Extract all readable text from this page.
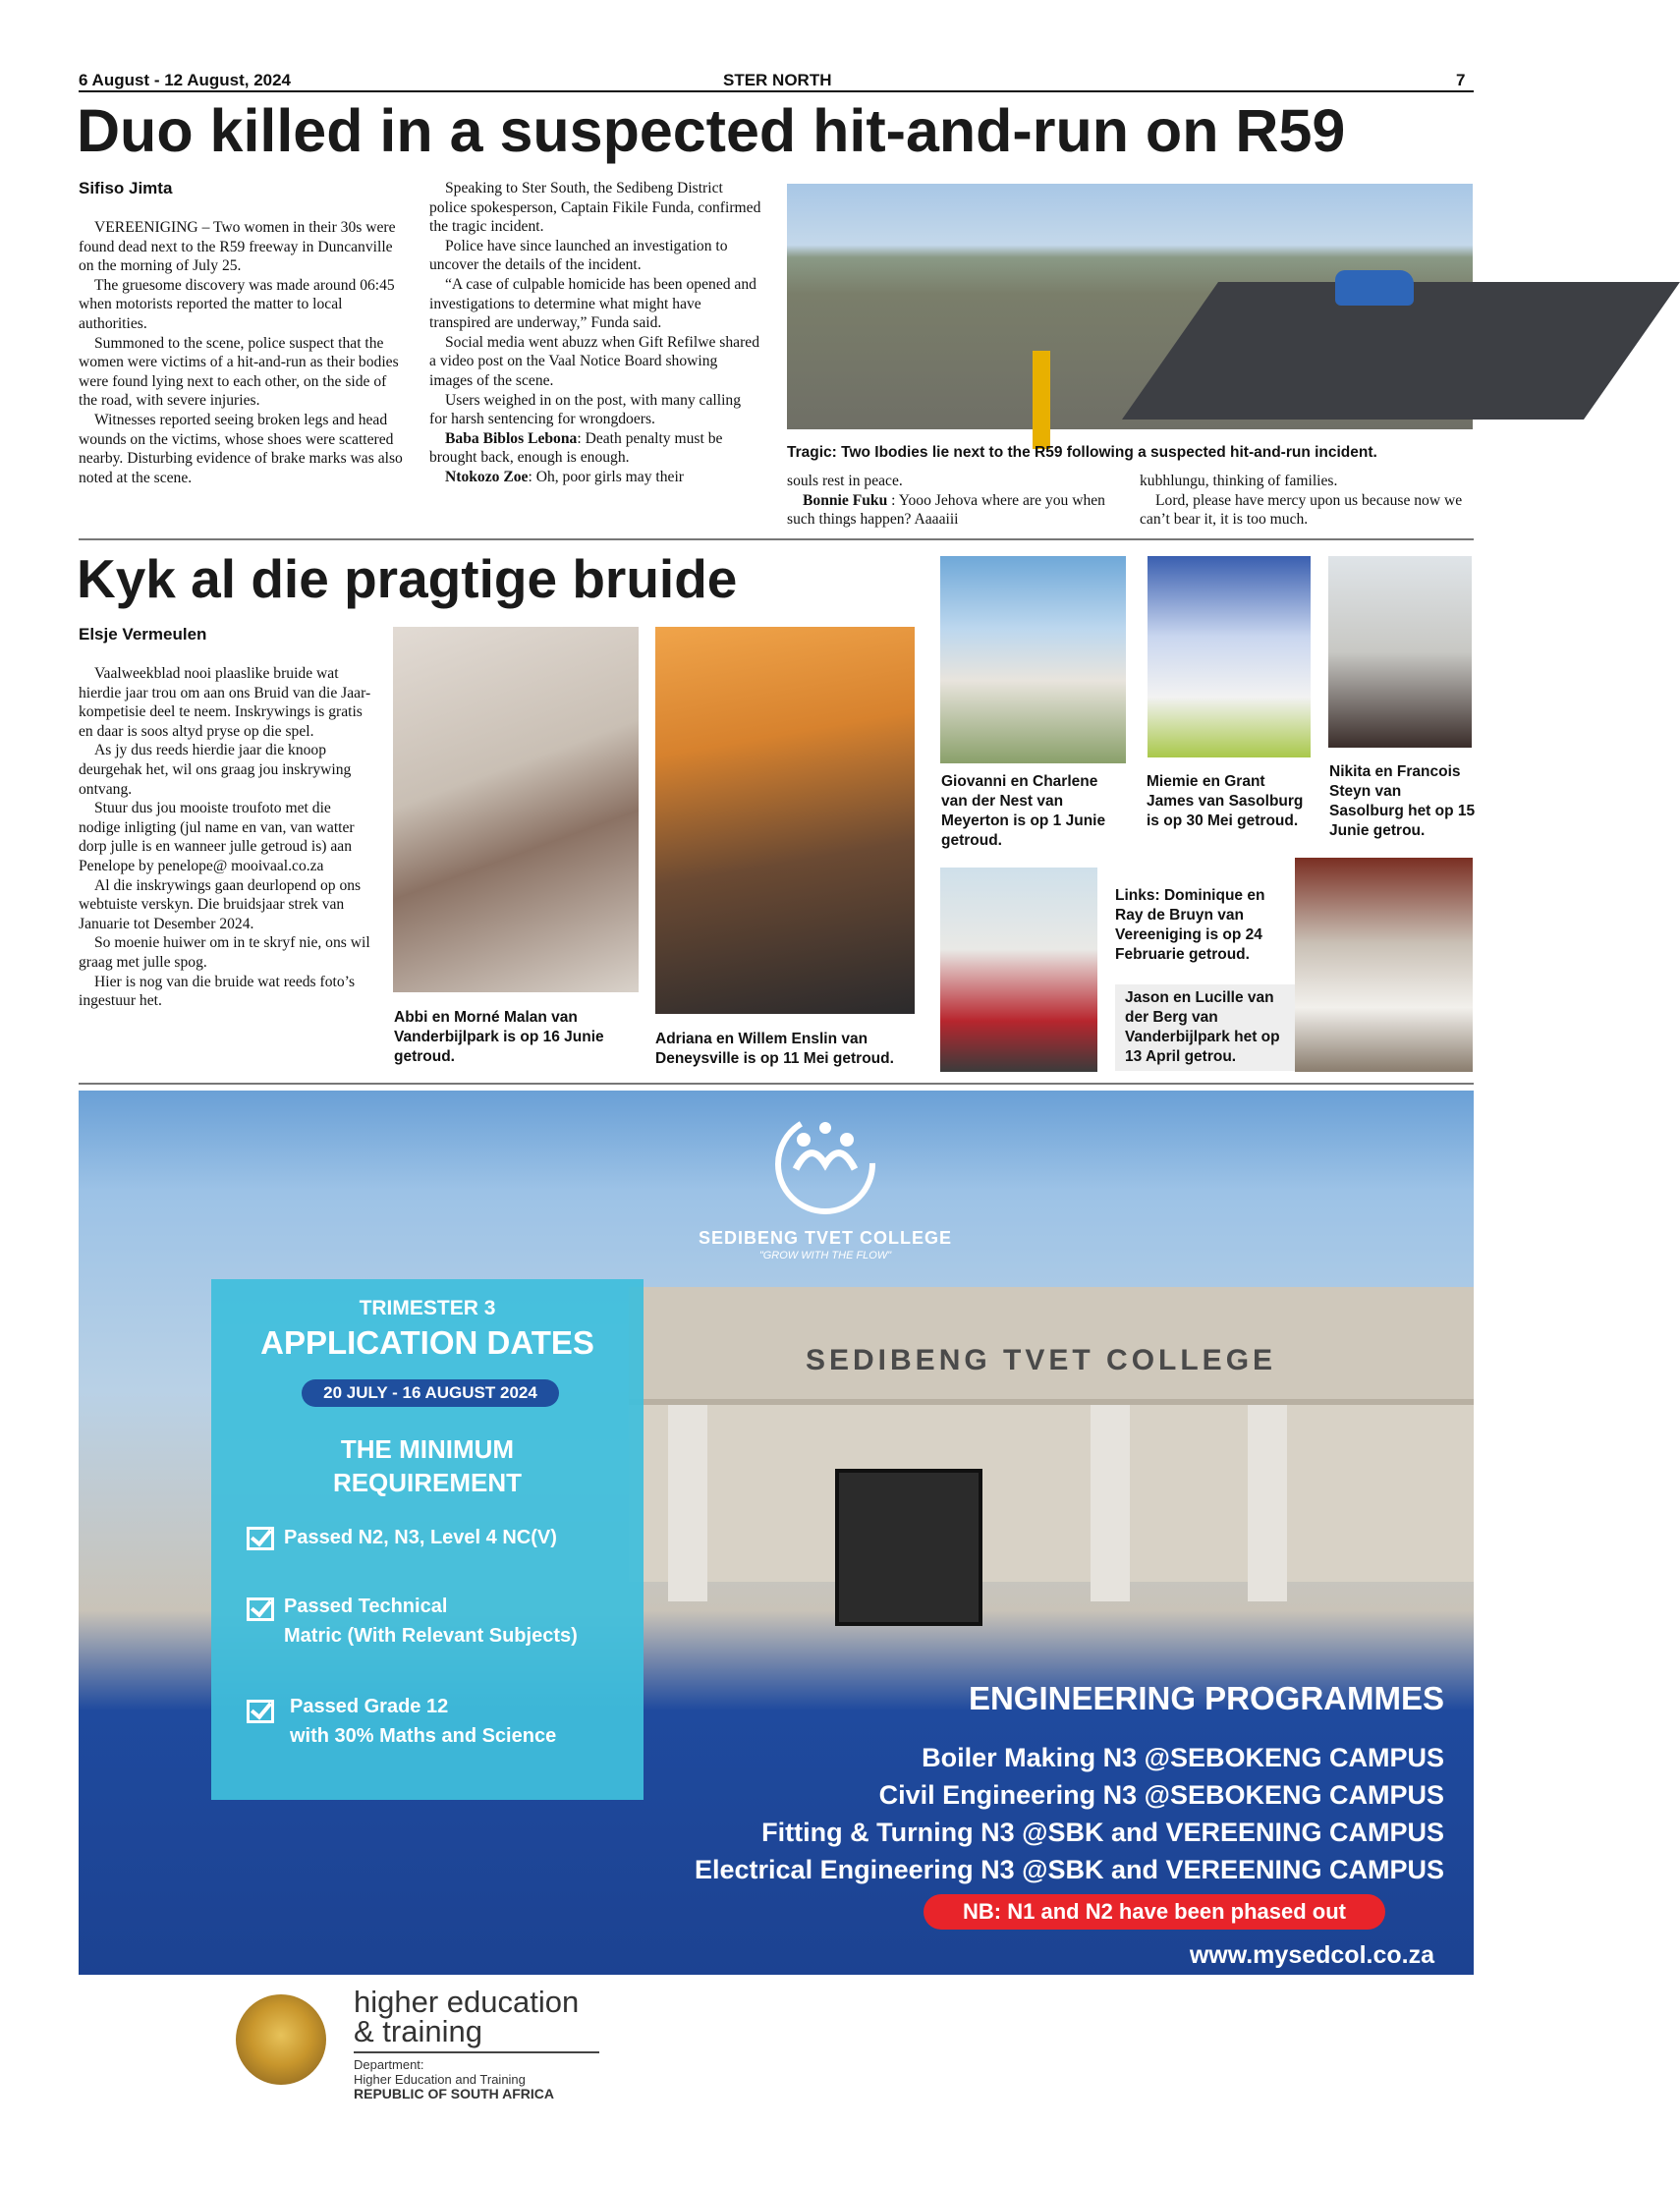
6 August - 12 August, 2024	STER NORTH	7
Duo killed in a suspected hit-and-run on R59
Sifiso Jimta

VEREENIGING – Two women in their 30s were found dead next to the R59 freeway in Duncanville on the morning of July 25.

The gruesome discovery was made around 06:45 when motorists reported the matter to local authorities.

Summoned to the scene, police suspect that the women were victims of a hit-and-run as their bodies were found lying next to each other, on the side of the road, with severe injuries.

Witnesses reported seeing broken legs and head wounds on the victims, whose shoes were scattered nearby. Disturbing evidence of brake marks was also noted at the scene.

Speaking to Ster South, the Sedibeng District police spokesperson, Captain Fikile Funda, confirmed the tragic incident.

Police have since launched an investigation to uncover the details of the incident.

“A case of culpable homicide has been opened and investigations to determine what might have transpired are underway,” Funda said.

Social media went abuzz when Gift Refilwe shared a video post on the Vaal Notice Board showing images of the scene.

Users weighed in on the post, with many calling for harsh sentencing for wrongdoers.

Baba Biblos Lebona: Death penalty must be brought back, enough is enough.

Ntokozo Zoe: Oh, poor girls may their

Tragic: Two Ibodies lie next to the R59 following a suspected hit-and-run incident.

souls rest in peace.

Bonnie Fuku : Yooo Jehova where are you when such things happen? Aaaaiii

kubhlungu, thinking of families.

Lord, please have mercy upon us because now we can’t bear it, it is too much.

Kyk al die pragtige bruide
Elsje Vermeulen

Vaalweekblad nooi plaaslike bruide wat hierdie jaar trou om aan ons Bruid van die Jaar-kompetisie deel te neem. Inskrywings is gratis en daar is soos altyd pryse op die spel.

As jy dus reeds hierdie jaar die knoop deurgehak het, wil ons graag jou inskrywing ontvang.

Stuur dus jou mooiste troufoto met die nodige inligting (jul name en van, van watter dorp julle is en wanneer julle getroud is) aan Penelope by penelope@ mooivaal.co.za

Al die inskrywings gaan deurlopend op ons webtuiste verskyn. Die bruidsjaar strek van Januarie tot Desember 2024.

So moenie huiwer om in te skryf nie, ons wil graag met julle spog.

Hier is nog van die bruide wat reeds foto’s ingestuur het.

Abbi en Morné Malan van Vanderbijlpark is op 16 Junie getroud.
Adriana en Willem Enslin van Deneysville is op 11 Mei getroud.
Giovanni en Charlene van der Nest van Meyerton is op 1 Junie getroud.
Miemie en Grant James van Sasolburg is op 30 Mei getroud.
Nikita en Francois Steyn van Sasolburg het op 15 Junie getrou.
Links: Dominique en Ray de Bruyn van Vereeniging is op 24 Februarie getroud.
Jason en Lucille van der Berg van Vanderbijlpark het op 13 April getrou.
SEDIBENG TVET COLLEGE
SEDIBENG TVET COLLEGE
"GROW WITH THE FLOW"
TRIMESTER 3
APPLICATION DATES
20 JULY - 16 AUGUST 2024
THE MINIMUM REQUIREMENT
Passed N2, N3, Level 4 NC(V)
Passed Technical
Matric (With Relevant Subjects)
Passed Grade 12
with 30% Maths and Science
ENGINEERING PROGRAMMES
Boiler Making N3 @SEBOKENG CAMPUS
Civil Engineering N3 @SEBOKENG CAMPUS
Fitting & Turning N3 @SBK and VEREENING CAMPUS
Electrical Engineering N3 @SBK and VEREENING CAMPUS
NB: N1 and N2 have been phased out
www.mysedcol.co.za
higher education
& training
Department:
Higher Education and Training
REPUBLIC OF SOUTH AFRICA
